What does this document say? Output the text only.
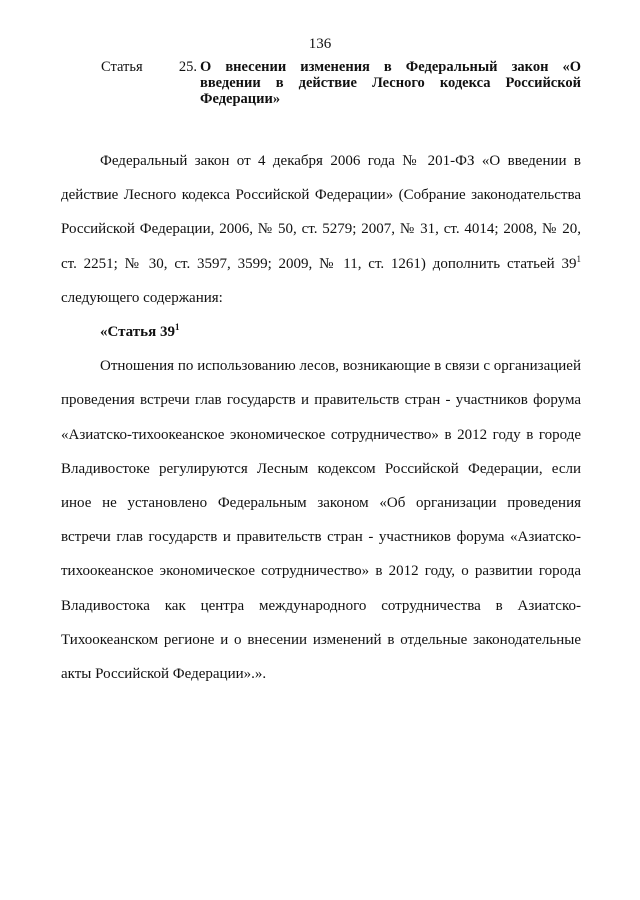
136
Статья 25. О внесении изменения в Федеральный закон «О введении в действие Лесного кодекса Российской Федерации»

Федеральный закон от 4 декабря 2006 года № 201-ФЗ «О введении в действие Лесного кодекса Российской Федерации» (Собрание законодательства Российской Федерации, 2006, № 50, ст. 5279; 2007, № 31, ст. 4014; 2008, № 20, ст. 2251; № 30, ст. 3597, 3599; 2009, № 11, ст. 1261) дополнить статьей $39^1$ следующего содержания:

«Статья $39^1$

Отношения по использованию лесов, возникающие в связи с организацией проведения встречи глав государств и правительств стран - участников форума «Азиатско-тихоокеанское экономическое сотрудничество» в 2012 году в городе Владивостоке регулируются Лесным кодексом Российской Федерации, если иное не установлено Федеральным законом «Об организации проведения встречи глав государств и правительств стран - участников форума «Азиатско-тихоокеанское экономическое сотрудничество» в 2012 году, о развитии города Владивостока как центра международного сотрудничества в Азиатско-Тихоокеанском регионе и о внесении изменений в отдельные законодательные акты Российской Федерации».».
